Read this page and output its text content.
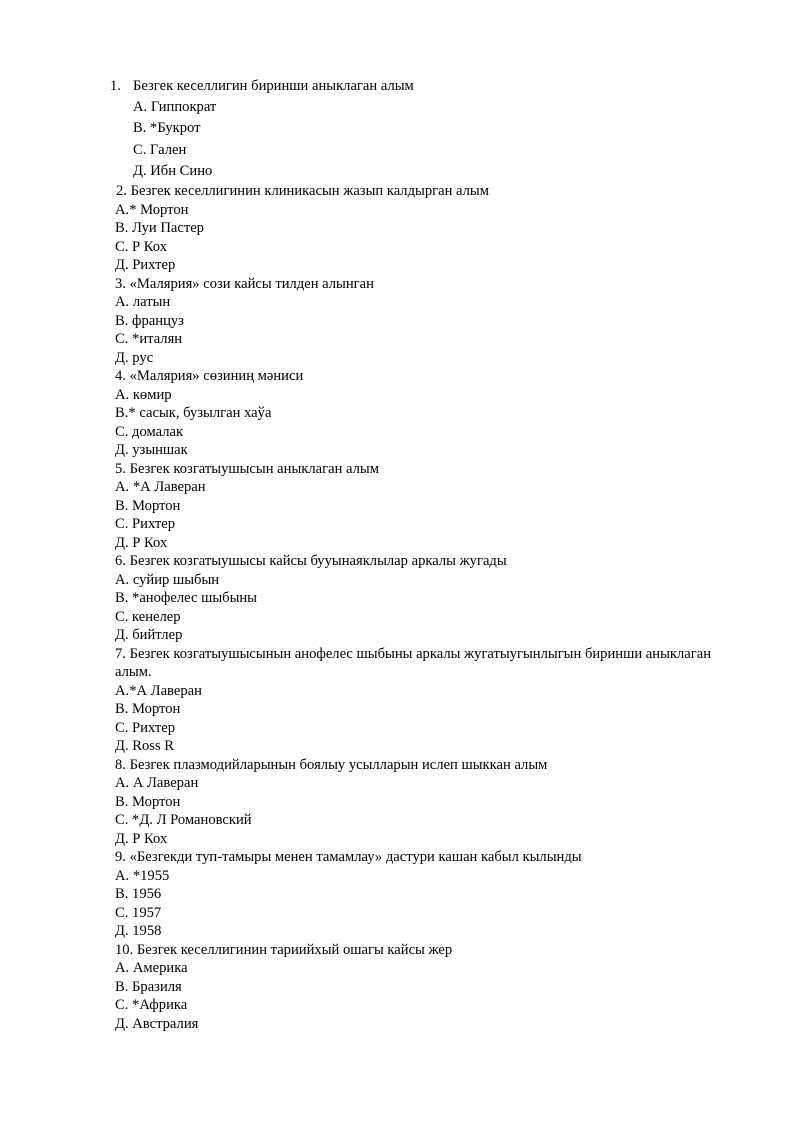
1. Безгек кеселлигин биринши аныклаган алым
А. Гиппократ
В. *Букрот
С. Гален
Д. Ибн Сино
2. Безгек кеселлигинин клиникасын жазып калдырган алым
А.* Мортон
В. Луи Пастер
С. Р Кох
Д. Рихтер
3. «Малярия» сози кайсы тилден алынган
А. латын
В. француз
С. *италян
Д. рус
4. «Малярия» сөзиниң мәниси
А. көмир
В.* сасык, бузылган хаўа
С. домалак
Д. узыншак
5. Безгек козгатыушысын аныклаган алым
А. *А Лаверан
В. Мортон
С. Рихтер
Д. Р Кох
6. Безгек козгатыушысы кайсы бууынаяклылар аркалы жугады
А. суйир шыбын
В. *анофелес шыбыны
С. кенелер
Д. бийтлер
7. Безгек козгатыушысынын анофелес шыбыны аркалы жугатыугынлыгын биринши аныклаган алым.
А.*А Лаверан
В. Мортон
С. Рихтер
Д. Ross R
8. Безгек плазмодийларынын боялыу усылларын ислеп шыккан алым
А. А Лаверан
В. Мортон
С. *Д. Л Романовский
Д. Р Кох
9. «Безгекди туп-тамыры менен тамамлау» дастури кашан кабыл кылынды
А. *1955
В. 1956
С. 1957
Д. 1958
10. Безгек кеселлигинин тариийхый ошагы кайсы жер
А. Америка
В. Бразиля
С. *Африка
Д. Австралия
